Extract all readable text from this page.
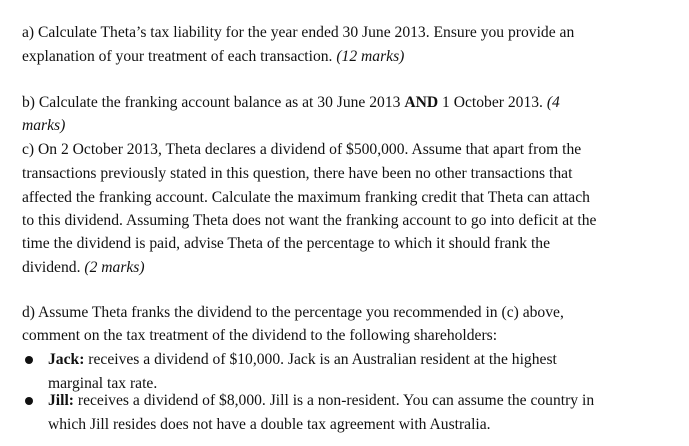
a) Calculate Theta’s tax liability for the year ended 30 June 2013. Ensure you provide an
explanation of your treatment of each transaction. (12 marks)
b) Calculate the franking account balance as at 30 June 2013 AND 1 October 2013. (4
marks)
c) On 2 October 2013, Theta declares a dividend of $500,000. Assume that apart from the
transactions previously stated in this question, there have been no other transactions that
affected the franking account. Calculate the maximum franking credit that Theta can attach
to this dividend. Assuming Theta does not want the franking account to go into deficit at the
time the dividend is paid, advise Theta of the percentage to which it should frank the
dividend. (2 marks)
d) Assume Theta franks the dividend to the percentage you recommended in (c) above,
comment on the tax treatment of the dividend to the following shareholders:
Jack: receives a dividend of $10,000. Jack is an Australian resident at the highest
marginal tax rate.
Jill: receives a dividend of $8,000. Jill is a non-resident. You can assume the country in
which Jill resides does not have a double tax agreement with Australia.
